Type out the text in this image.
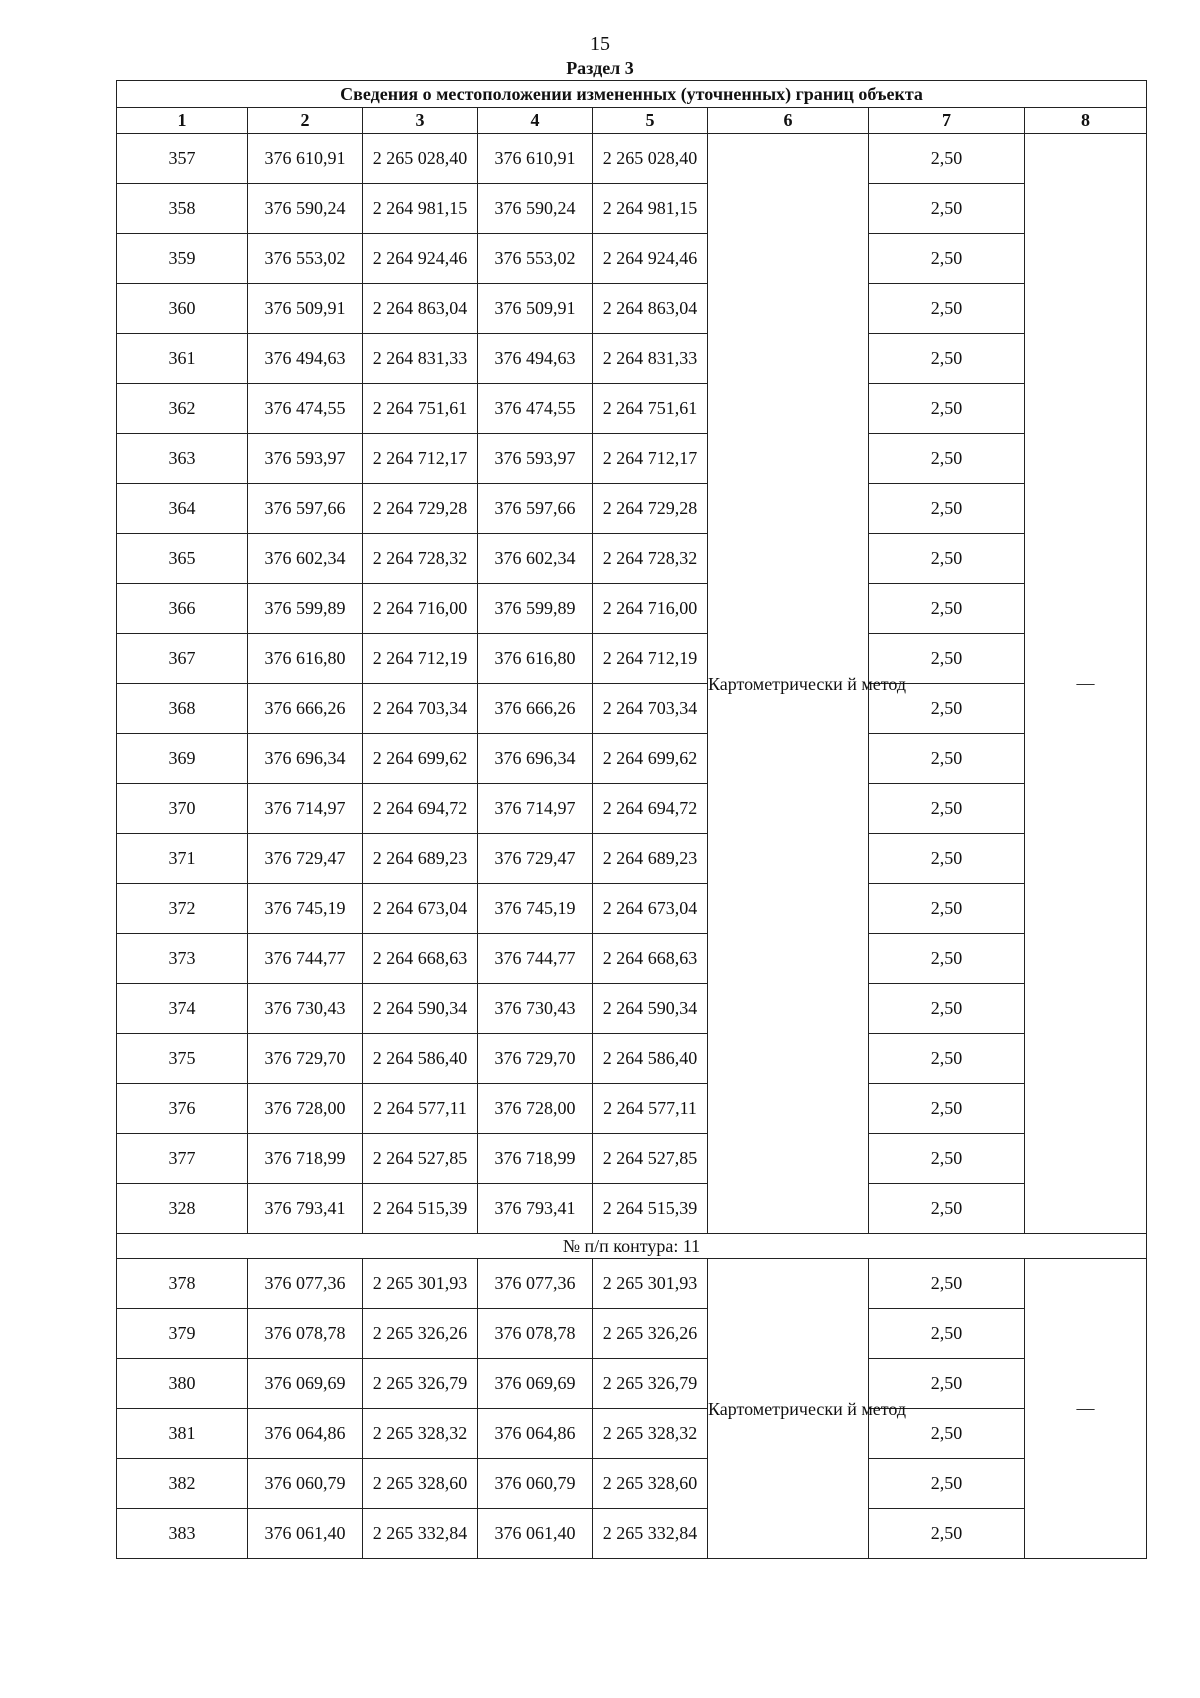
15
Раздел 3
Сведения о местоположении измененных (уточненных) границ объекта							
1	2	3	4	5	6	7	8
357	376 610,91	2 265 028,40	376 610,91	2 265 028,40	Картометрически й метод	2,50	—
358	376 590,24	2 264 981,15	376 590,24	2 264 981,15		2,50	
359	376 553,02	2 264 924,46	376 553,02	2 264 924,46		2,50	
360	376 509,91	2 264 863,04	376 509,91	2 264 863,04		2,50	
361	376 494,63	2 264 831,33	376 494,63	2 264 831,33		2,50	
362	376 474,55	2 264 751,61	376 474,55	2 264 751,61		2,50	
363	376 593,97	2 264 712,17	376 593,97	2 264 712,17		2,50	
364	376 597,66	2 264 729,28	376 597,66	2 264 729,28		2,50	
365	376 602,34	2 264 728,32	376 602,34	2 264 728,32		2,50	
366	376 599,89	2 264 716,00	376 599,89	2 264 716,00		2,50	
367	376 616,80	2 264 712,19	376 616,80	2 264 712,19		2,50	
368	376 666,26	2 264 703,34	376 666,26	2 264 703,34		2,50	
369	376 696,34	2 264 699,62	376 696,34	2 264 699,62		2,50	
370	376 714,97	2 264 694,72	376 714,97	2 264 694,72		2,50	
371	376 729,47	2 264 689,23	376 729,47	2 264 689,23		2,50	
372	376 745,19	2 264 673,04	376 745,19	2 264 673,04		2,50	
373	376 744,77	2 264 668,63	376 744,77	2 264 668,63		2,50	
374	376 730,43	2 264 590,34	376 730,43	2 264 590,34		2,50	
375	376 729,70	2 264 586,40	376 729,70	2 264 586,40		2,50	
376	376 728,00	2 264 577,11	376 728,00	2 264 577,11		2,50	
377	376 718,99	2 264 527,85	376 718,99	2 264 527,85		2,50	
328	376 793,41	2 264 515,39	376 793,41	2 264 515,39		2,50	
№ п/п контура: 11							
378	376 077,36	2 265 301,93	376 077,36	2 265 301,93	Картометрически й метод	2,50	—
379	376 078,78	2 265 326,26	376 078,78	2 265 326,26		2,50	
380	376 069,69	2 265 326,79	376 069,69	2 265 326,79		2,50	
381	376 064,86	2 265 328,32	376 064,86	2 265 328,32		2,50	
382	376 060,79	2 265 328,60	376 060,79	2 265 328,60		2,50	
383	376 061,40	2 265 332,84	376 061,40	2 265 332,84		2,50	
